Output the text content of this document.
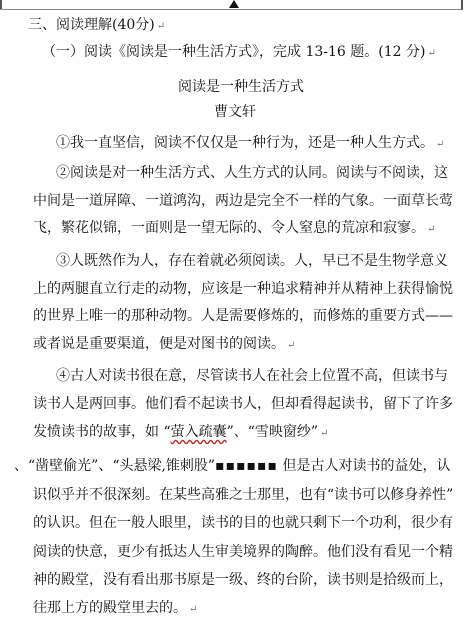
三、阅读理解(40分) ↵
（一）阅读《阅读是一种生活方式》，完成 13-16 题。(12 分) ↵
阅读是一种生活方式
曹文轩
①我一直坚信，阅读不仅仅是一种行为，还是一种人生方式。 ↵
②阅读是对一种生活方式、人生方式的认同。阅读与不阅读，这
中间是一道屏障、一道鸿沟，两边是完全不一样的气象。一面草长莺
飞，繁花似锦，一面则是一望无际的、令人窒息的荒凉和寂寥。 ↵
③人既然作为人，存在着就必须阅读。人，早已不是生物学意义
上的两腿直立行走的动物，应该是一种追求精神并从精神上获得愉悦
的世界上唯一的那种动物。人是需要修炼的，而修炼的重要方式——
或者说是重要渠道，便是对图书的阅读。 ↵
④古人对读书很在意，尽管读书人在社会上位置不高，但读书与
读书人是两回事。他们看不起读书人，但却看得起读书，留下了许多
发愤读书的故事，如 “萤入疏囊”、“雪映窗纱” ↵
、“凿壁偷光”、“头悬梁,锥刺股”▪▪▪▪▪▪ 但是古人对读书的益处，认
识似乎并不很深刻。在某些高雅之士那里，也有“读书可以修身养性”
的认识。但在一般人眼里，读书的目的也就只剩下一个功利，很少有
阅读的快意，更少有抵达人生审美境界的陶醉。他们没有看见一个精
神的殿堂，没有看出那书原是一级、终的台阶，读书则是拾级而上，
往那上方的殿堂里去的。 ↵
